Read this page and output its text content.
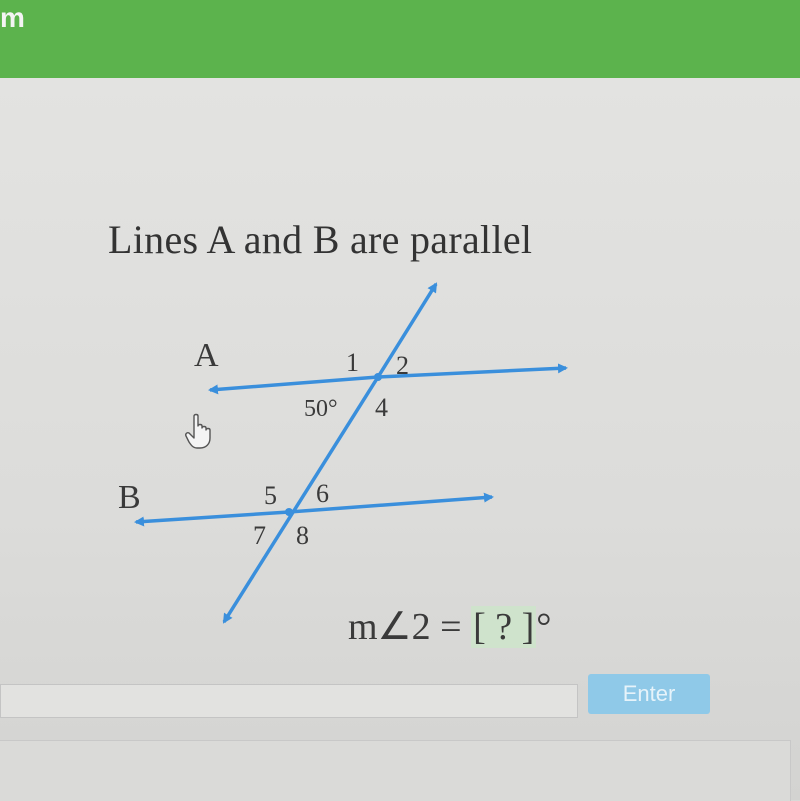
m
Lines A and B are parallel
A
B
1 2
50° 4
5 6
7 8
m∠2 = [ ? ]°
Enter
